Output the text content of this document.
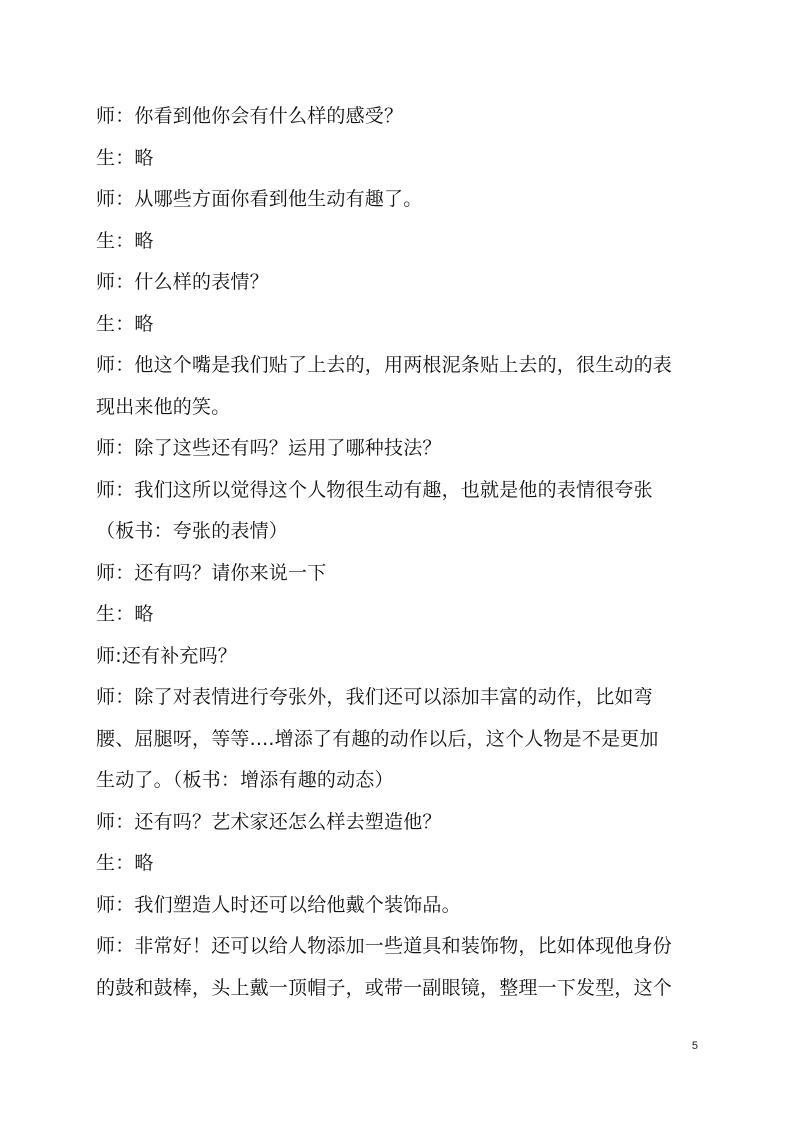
师：你看到他你会有什么样的感受？
生：略
师：从哪些方面你看到他生动有趣了。
生：略
师：什么样的表情？
生：略
师：他这个嘴是我们贴了上去的，用两根泥条贴上去的，很生动的表
现出来他的笑。
师：除了这些还有吗？运用了哪种技法？
师：我们这所以觉得这个人物很生动有趣，也就是他的表情很夸张
（板书：夸张的表情）
师：还有吗？请你来说一下
生：略
师:还有补充吗？
师：除了对表情进行夸张外，我们还可以添加丰富的动作，比如弯
腰、屈腿呀，等等....增添了有趣的动作以后，这个人物是不是更加
生动了。（板书：增添有趣的动态）
师：还有吗？艺术家还怎么样去塑造他？
生：略
师：我们塑造人时还可以给他戴个装饰品。
师：非常好！还可以给人物添加一些道具和装饰物，比如体现他身份
的鼓和鼓棒，头上戴一顶帽子，或带一副眼镜，整理一下发型，这个
5
